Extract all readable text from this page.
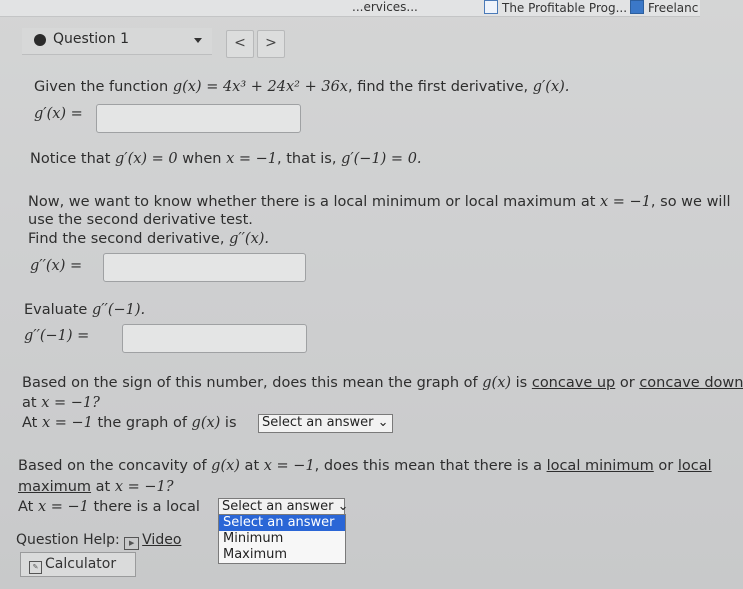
...ervices...	The Profitable Prog...	Freelanc
Question 1	<	>
Given the function g(x) = 4x³ + 24x² + 36x, find the first derivative, g′(x).
g′(x) =
Notice that g′(x) = 0 when x = −1, that is, g′(−1) = 0.
Now, we want to know whether there is a local minimum or local maximum at x = −1, so we will
use the second derivative test.
Find the second derivative, g′′(x).
g′′(x) =
Evaluate g′′(−1).
g′′(−1) =
Based on the sign of this number, does this mean the graph of g(x) is concave up or concave down
at x = −1?
At x = −1 the graph of g(x) is	Select an answer ⌄
Based on the concavity of g(x) at x = −1, does this mean that there is a local minimum or local
maximum at x = −1?
At x = −1 there is a local	Select an answer ⌄
Select an answer
Minimum
Maximum
Question Help: ▶ Video
✎ Calculator
